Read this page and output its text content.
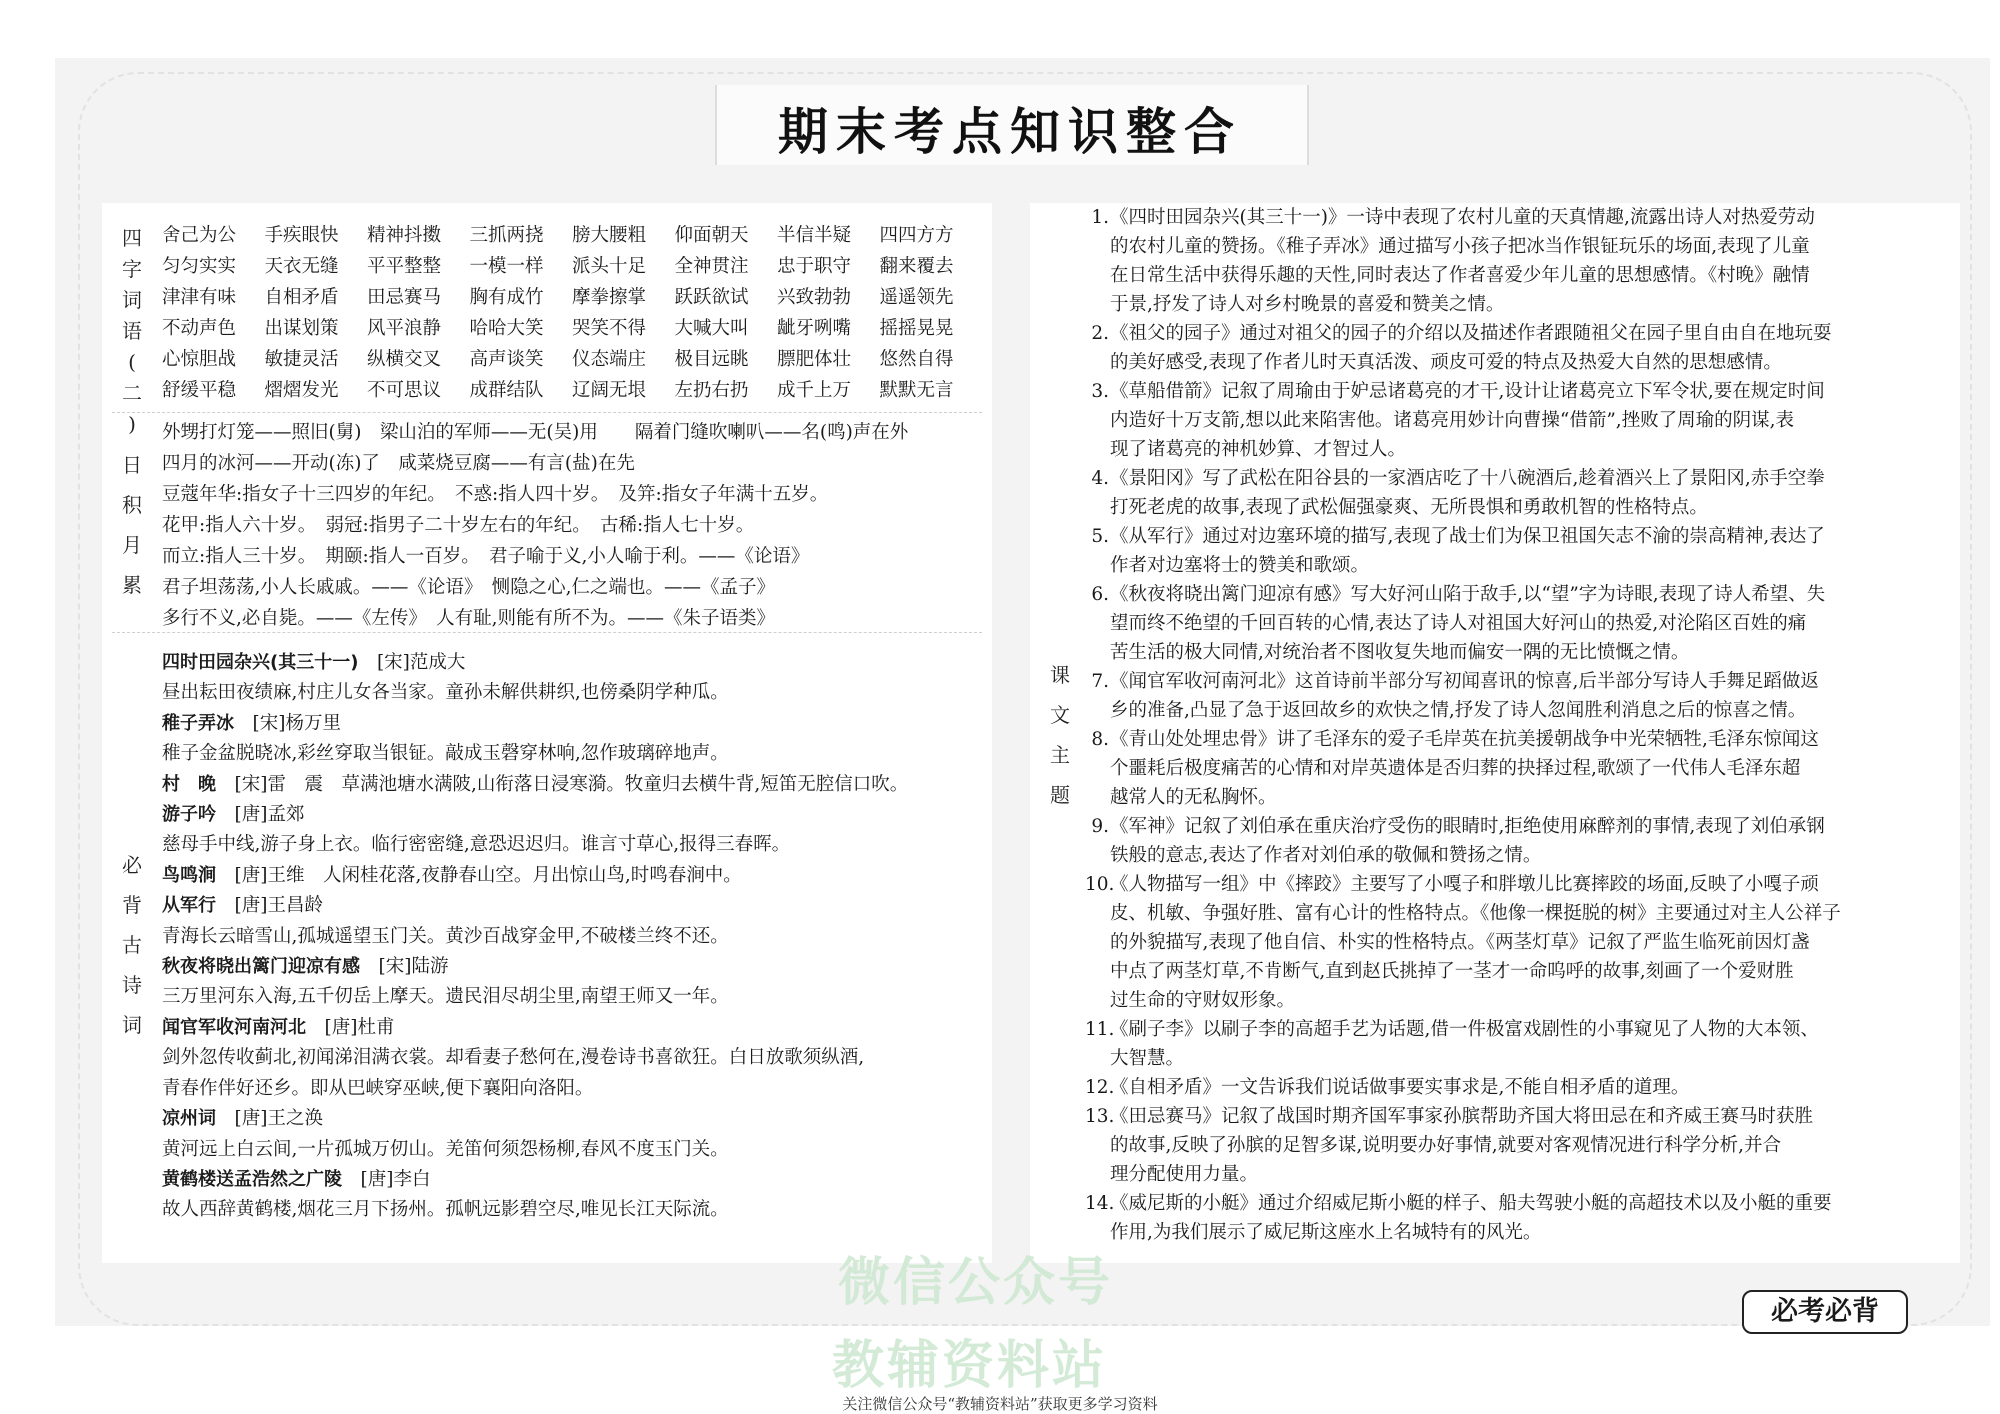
期末考点知识整合
四
字
词
语
(
二
)
日
积
月
累
必
背
古
诗
词
课
文
主
题
舍己为公	手疾眼快	精神抖擞	三抓两挠	膀大腰粗	仰面朝天	半信半疑	四四方方
匀匀实实	天衣无缝	平平整整	一模一样	派头十足	全神贯注	忠于职守	翻来覆去
津津有味	自相矛盾	田忌赛马	胸有成竹	摩拳擦掌	跃跃欲试	兴致勃勃	遥遥领先
不动声色	出谋划策	风平浪静	哈哈大笑	哭笑不得	大喊大叫	龇牙咧嘴	摇摇晃晃
心惊胆战	敏捷灵活	纵横交叉	高声谈笑	仪态端庄	极目远眺	膘肥体壮	悠然自得
舒缓平稳	熠熠发光	不可思议	成群结队	辽阔无垠	左扔右扔	成千上万	默默无言
外甥打灯笼——照旧(舅)　梁山泊的军师——无(吴)用　　隔着门缝吹喇叭——名(鸣)声在外
四月的冰河——开动(冻)了　咸菜烧豆腐——有言(盐)在先
豆蔻年华:指女子十三四岁的年纪。　不惑:指人四十岁。　及笄:指女子年满十五岁。
花甲:指人六十岁。　弱冠:指男子二十岁左右的年纪。　古稀:指人七十岁。
而立:指人三十岁。　期颐:指人一百岁。　君子喻于义,小人喻于利。——《论语》
君子坦荡荡,小人长戚戚。——《论语》　恻隐之心,仁之端也。——《孟子》
多行不义,必自毙。——《左传》　人有耻,则能有所不为。——《朱子语类》
四时田园杂兴(其三十一)　 [宋]范成大
昼出耘田夜绩麻,村庄儿女各当家。童孙未解供耕织,也傍桑阴学种瓜。
稚子弄冰　 [宋]杨万里
稚子金盆脱晓冰,彩丝穿取当银钲。敲成玉磬穿林响,忽作玻璃碎地声。
村　晚　 [宋]雷　震　 草满池塘水满陂,山衔落日浸寒漪。牧童归去横牛背,短笛无腔信口吹。
游子吟　 [唐]孟郊
慈母手中线,游子身上衣。临行密密缝,意恐迟迟归。谁言寸草心,报得三春晖。
鸟鸣涧　 [唐]王维　 人闲桂花落,夜静春山空。月出惊山鸟,时鸣春涧中。
从军行　 [唐]王昌龄
青海长云暗雪山,孤城遥望玉门关。黄沙百战穿金甲,不破楼兰终不还。
秋夜将晓出篱门迎凉有感　 [宋]陆游
三万里河东入海,五千仞岳上摩天。遗民泪尽胡尘里,南望王师又一年。
闻官军收河南河北　 [唐]杜甫
剑外忽传收蓟北,初闻涕泪满衣裳。却看妻子愁何在,漫卷诗书喜欲狂。白日放歌须纵酒,
青春作伴好还乡。即从巴峡穿巫峡,便下襄阳向洛阳。
凉州词　 [唐]王之涣
黄河远上白云间,一片孤城万仞山。羌笛何须怨杨柳,春风不度玉门关。
黄鹤楼送孟浩然之广陵　 [唐]李白
故人西辞黄鹤楼,烟花三月下扬州。孤帆远影碧空尽,唯见长江天际流。
1. 《四时田园杂兴(其三十一)》一诗中表现了农村儿童的天真情趣,流露出诗人对热爱劳动
的农村儿童的赞扬。《稚子弄冰》通过描写小孩子把冰当作银钲玩乐的场面,表现了儿童
在日常生活中获得乐趣的天性,同时表达了作者喜爱少年儿童的思想感情。《村晚》融情
于景,抒发了诗人对乡村晚景的喜爱和赞美之情。
2. 《祖父的园子》通过对祖父的园子的介绍以及描述作者跟随祖父在园子里自由自在地玩耍
的美好感受,表现了作者儿时天真活泼、顽皮可爱的特点及热爱大自然的思想感情。
3. 《草船借箭》记叙了周瑜由于妒忌诸葛亮的才干,设计让诸葛亮立下军令状,要在规定时间
内造好十万支箭,想以此来陷害他。诸葛亮用妙计向曹操“借箭”,挫败了周瑜的阴谋,表
现了诸葛亮的神机妙算、才智过人。
4. 《景阳冈》写了武松在阳谷县的一家酒店吃了十八碗酒后,趁着酒兴上了景阳冈,赤手空拳
打死老虎的故事,表现了武松倔强豪爽、无所畏惧和勇敢机智的性格特点。
5. 《从军行》通过对边塞环境的描写,表现了战士们为保卫祖国矢志不渝的崇高精神,表达了
作者对边塞将士的赞美和歌颂。
6. 《秋夜将晓出篱门迎凉有感》写大好河山陷于敌手,以“望”字为诗眼,表现了诗人希望、失
望而终不绝望的千回百转的心情,表达了诗人对祖国大好河山的热爱,对沦陷区百姓的痛
苦生活的极大同情,对统治者不图收复失地而偏安一隅的无比愤慨之情。
7. 《闻官军收河南河北》这首诗前半部分写初闻喜讯的惊喜,后半部分写诗人手舞足蹈做返
乡的准备,凸显了急于返回故乡的欢快之情,抒发了诗人忽闻胜利消息之后的惊喜之情。
8. 《青山处处埋忠骨》讲了毛泽东的爱子毛岸英在抗美援朝战争中光荣牺牲,毛泽东惊闻这
个噩耗后极度痛苦的心情和对岸英遗体是否归葬的抉择过程,歌颂了一代伟人毛泽东超
越常人的无私胸怀。
9. 《军神》记叙了刘伯承在重庆治疗受伤的眼睛时,拒绝使用麻醉剂的事情,表现了刘伯承钢
铁般的意志,表达了作者对刘伯承的敬佩和赞扬之情。
10.
《人物描写一组》中《摔跤》主要写了小嘎子和胖墩儿比赛摔跤的场面,反映了小嘎子顽
皮、机敏、争强好胜、富有心计的性格特点。《他像一棵挺脱的树》主要通过对主人公祥子
的外貌描写,表现了他自信、朴实的性格特点。《两茎灯草》记叙了严监生临死前因灯盏
中点了两茎灯草,不肯断气,直到赵氏挑掉了一茎才一命呜呼的故事,刻画了一个爱财胜
过生命的守财奴形象。
11.
《刷子李》以刷子李的高超手艺为话题,借一件极富戏剧性的小事窥见了人物的大本领、
大智慧。
12.
《自相矛盾》一文告诉我们说话做事要实事求是,不能自相矛盾的道理。
13.
《田忌赛马》记叙了战国时期齐国军事家孙膑帮助齐国大将田忌在和齐威王赛马时获胜
的故事,反映了孙膑的足智多谋,说明要办好事情,就要对客观情况进行科学分析,并合
理分配使用力量。
14.
《威尼斯的小艇》通过介绍威尼斯小艇的样子、船夫驾驶小艇的高超技术以及小艇的重要
作用,为我们展示了威尼斯这座水上名城特有的风光。
微信公众号
教辅资料站
必考必背
关注微信公众号“教辅资料站”获取更多学习资料
